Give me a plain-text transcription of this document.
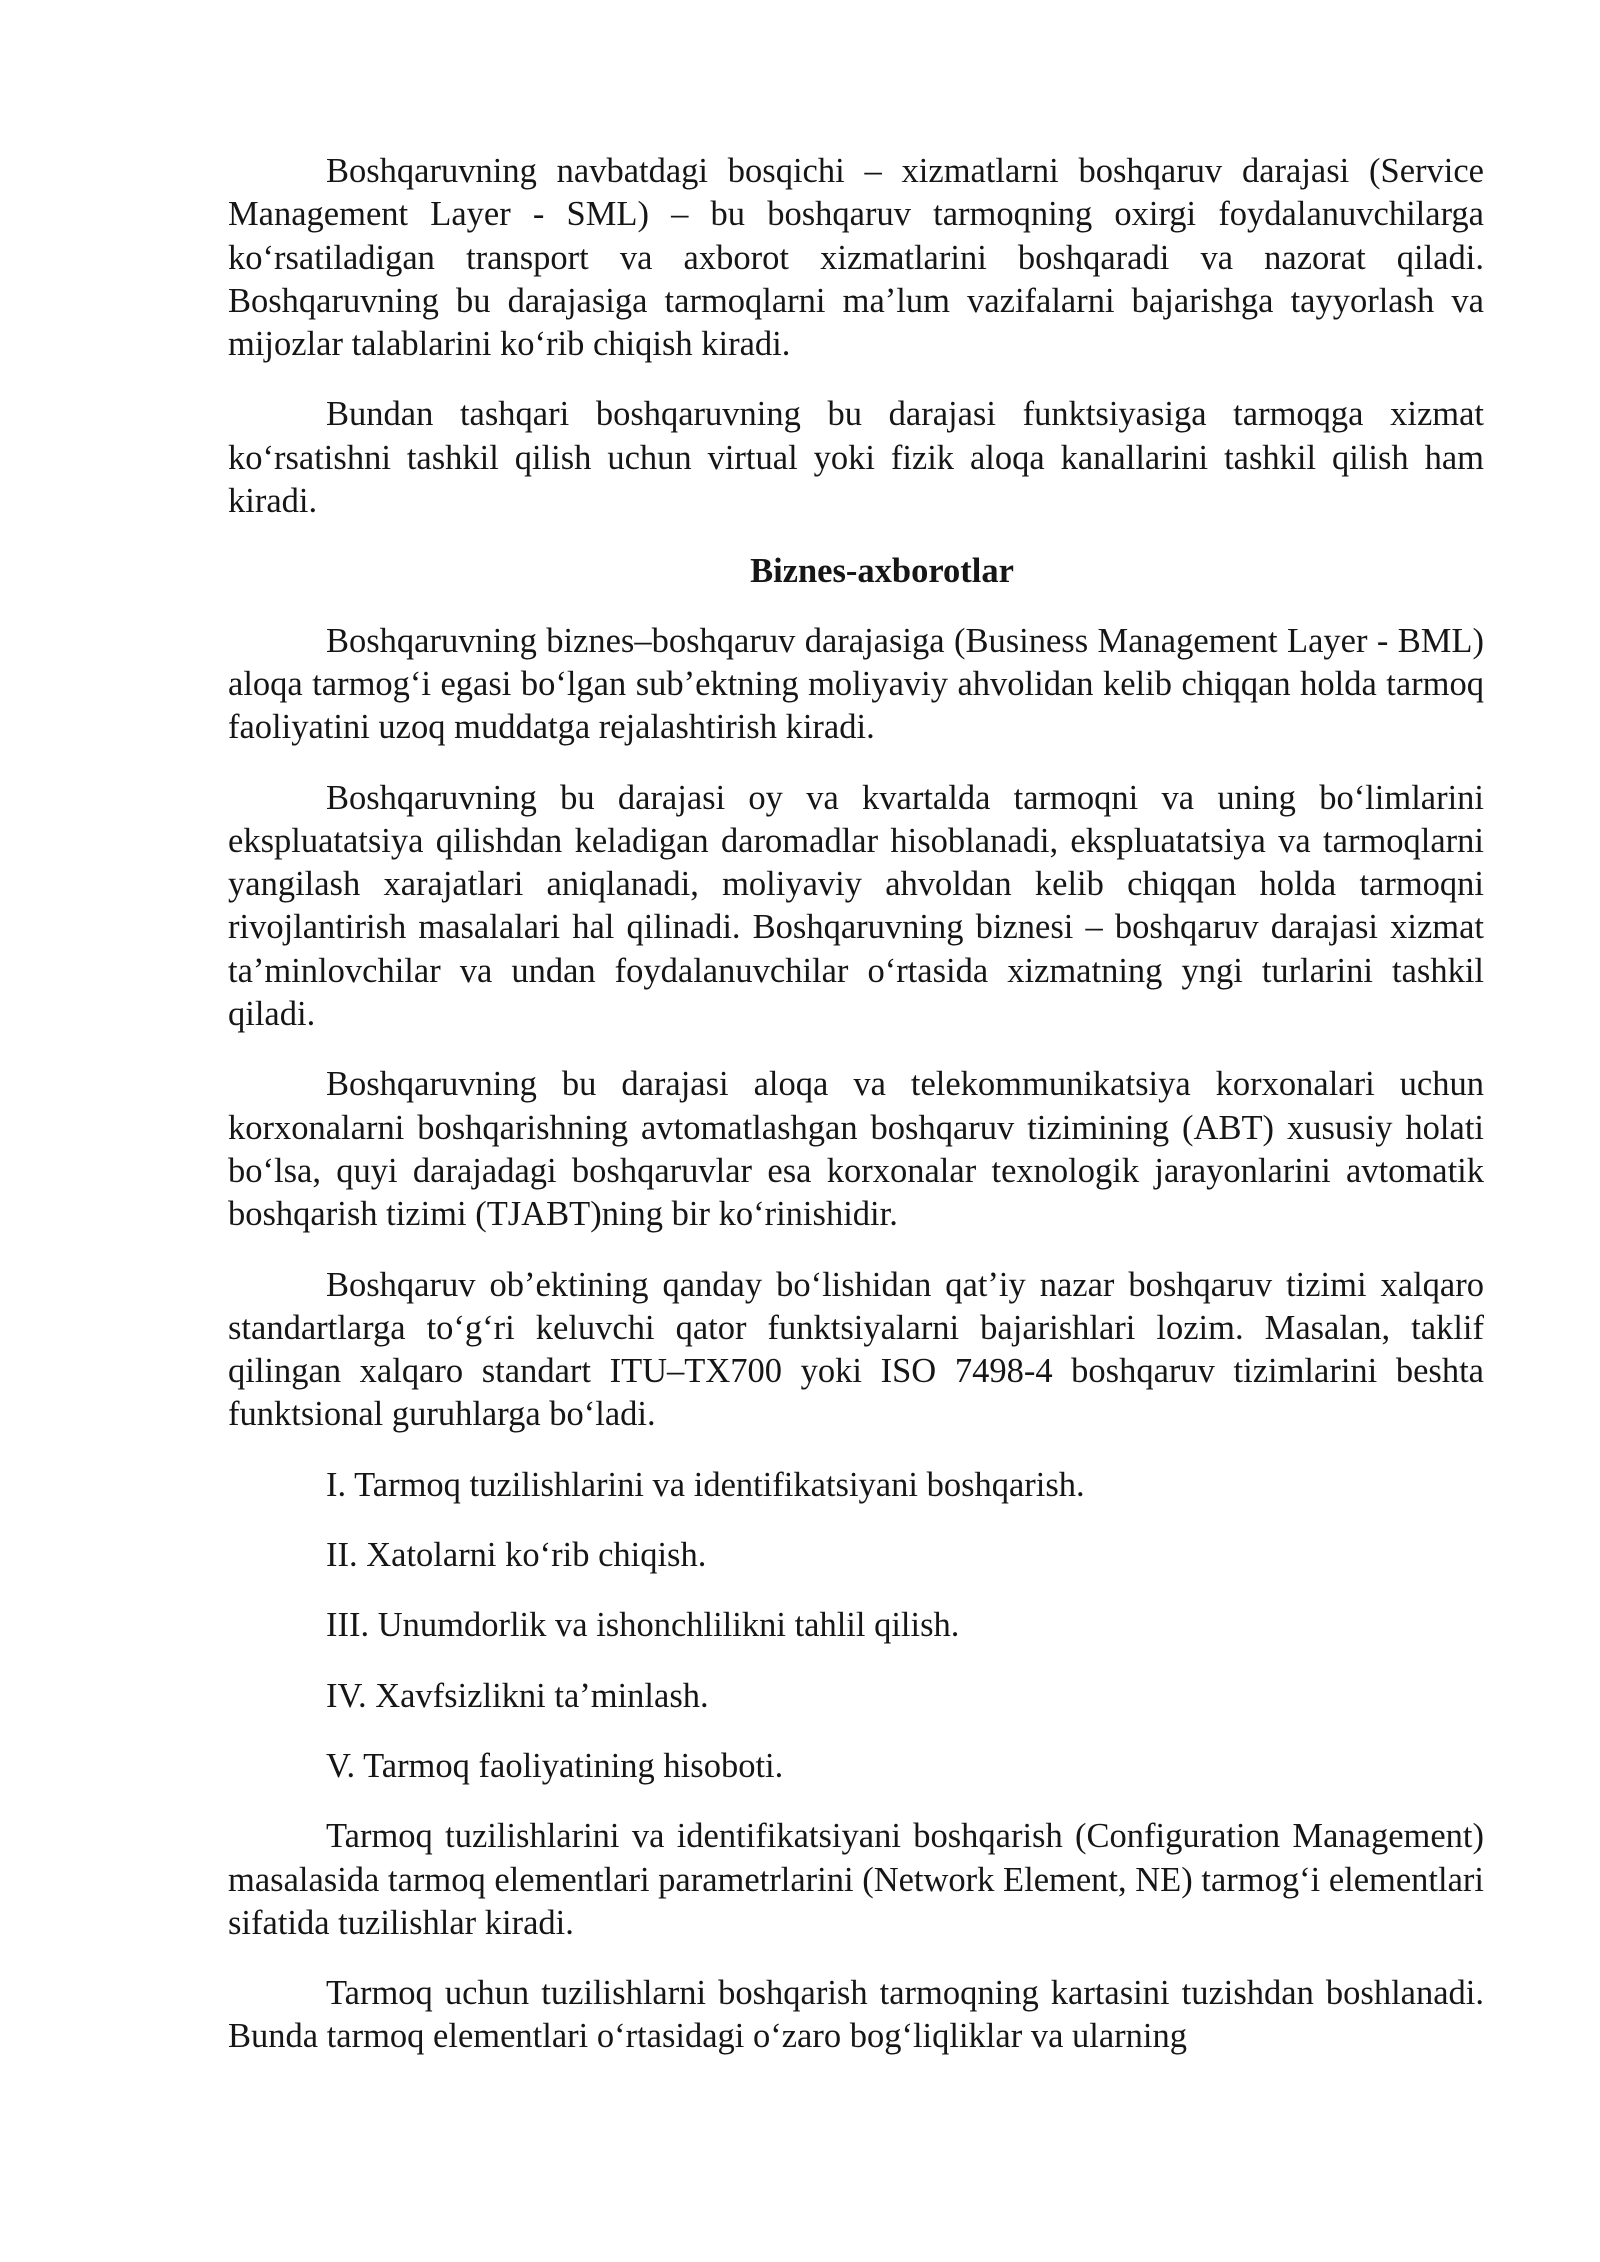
Boshqaruvning navbatdagi bosqichi – xizmatlarni boshqaruv darajasi (Service Management Layer - SML) – bu boshqaruv tarmoqning oxirgi foydalanuvchilarga koʻrsatiladigan transport va axborot xizmatlarini boshqaradi va nazorat qiladi. Boshqaruvning bu darajasiga tarmoqlarni maʼlum vazifalarni bajarishga tayyorlash va mijozlar talablarini koʻrib chiqish kiradi.

Bundan tashqari boshqaruvning bu darajasi funktsiyasiga tarmoqga xizmat koʻrsatishni tashkil qilish uchun virtual yoki fizik aloqa kanallarini tashkil qilish ham kiradi.

Biznes-axborotlar

Boshqaruvning biznes–boshqaruv darajasiga (Business Management Layer - BML) aloqa tarmogʻi egasi boʻlgan subʼektning moliyaviy ahvolidan kelib chiqqan holda tarmoq faoliyatini uzoq muddatga rejalashtirish kiradi.

Boshqaruvning bu darajasi oy va kvartalda tarmoqni va uning boʻlimlarini ekspluatatsiya qilishdan keladigan daromadlar hisoblanadi, ekspluatatsiya va tarmoqlarni yangilash xarajatlari aniqlanadi, moliyaviy ahvoldan kelib chiqqan holda tarmoqni rivojlantirish masalalari hal qilinadi. Boshqaruvning biznesi – boshqaruv darajasi xizmat taʼminlovchilar va undan foydalanuvchilar oʻrtasida xizmatning yngi turlarini tashkil qiladi.

Boshqaruvning bu darajasi aloqa va telekommunikatsiya korxonalari uchun korxonalarni boshqarishning avtomatlashgan boshqaruv tizimining (ABT) xususiy holati boʻlsa, quyi darajadagi boshqaruvlar esa korxonalar texnologik jarayonlarini avtomatik boshqarish tizimi (TJABT)ning bir koʻrinishidir.

Boshqaruv obʼektining qanday boʻlishidan qatʼiy nazar boshqaruv tizimi xalqaro standartlarga toʻgʻri keluvchi qator funktsiyalarni bajarishlari lozim. Masalan, taklif qilingan xalqaro standart ITU–TX700 yoki ISO 7498-4 boshqaruv tizimlarini beshta funktsional guruhlarga boʻladi.

I. Tarmoq tuzilishlarini va identifikatsiyani boshqarish.

II. Xatolarni koʻrib chiqish.

III. Unumdorlik va ishonchlilikni tahlil qilish.

IV. Xavfsizlikni taʼminlash.

V. Tarmoq faoliyatining hisoboti.

Tarmoq tuzilishlarini va identifikatsiyani boshqarish (Configuration Management) masalasida tarmoq elementlari parametrlarini (Network Element, NE) tarmogʻi elementlari sifatida tuzilishlar kiradi.

Tarmoq uchun tuzilishlarni boshqarish tarmoqning kartasini tuzishdan boshlanadi. Bunda tarmoq elementlari oʻrtasidagi oʻzaro bogʻliqliklar va ularning
